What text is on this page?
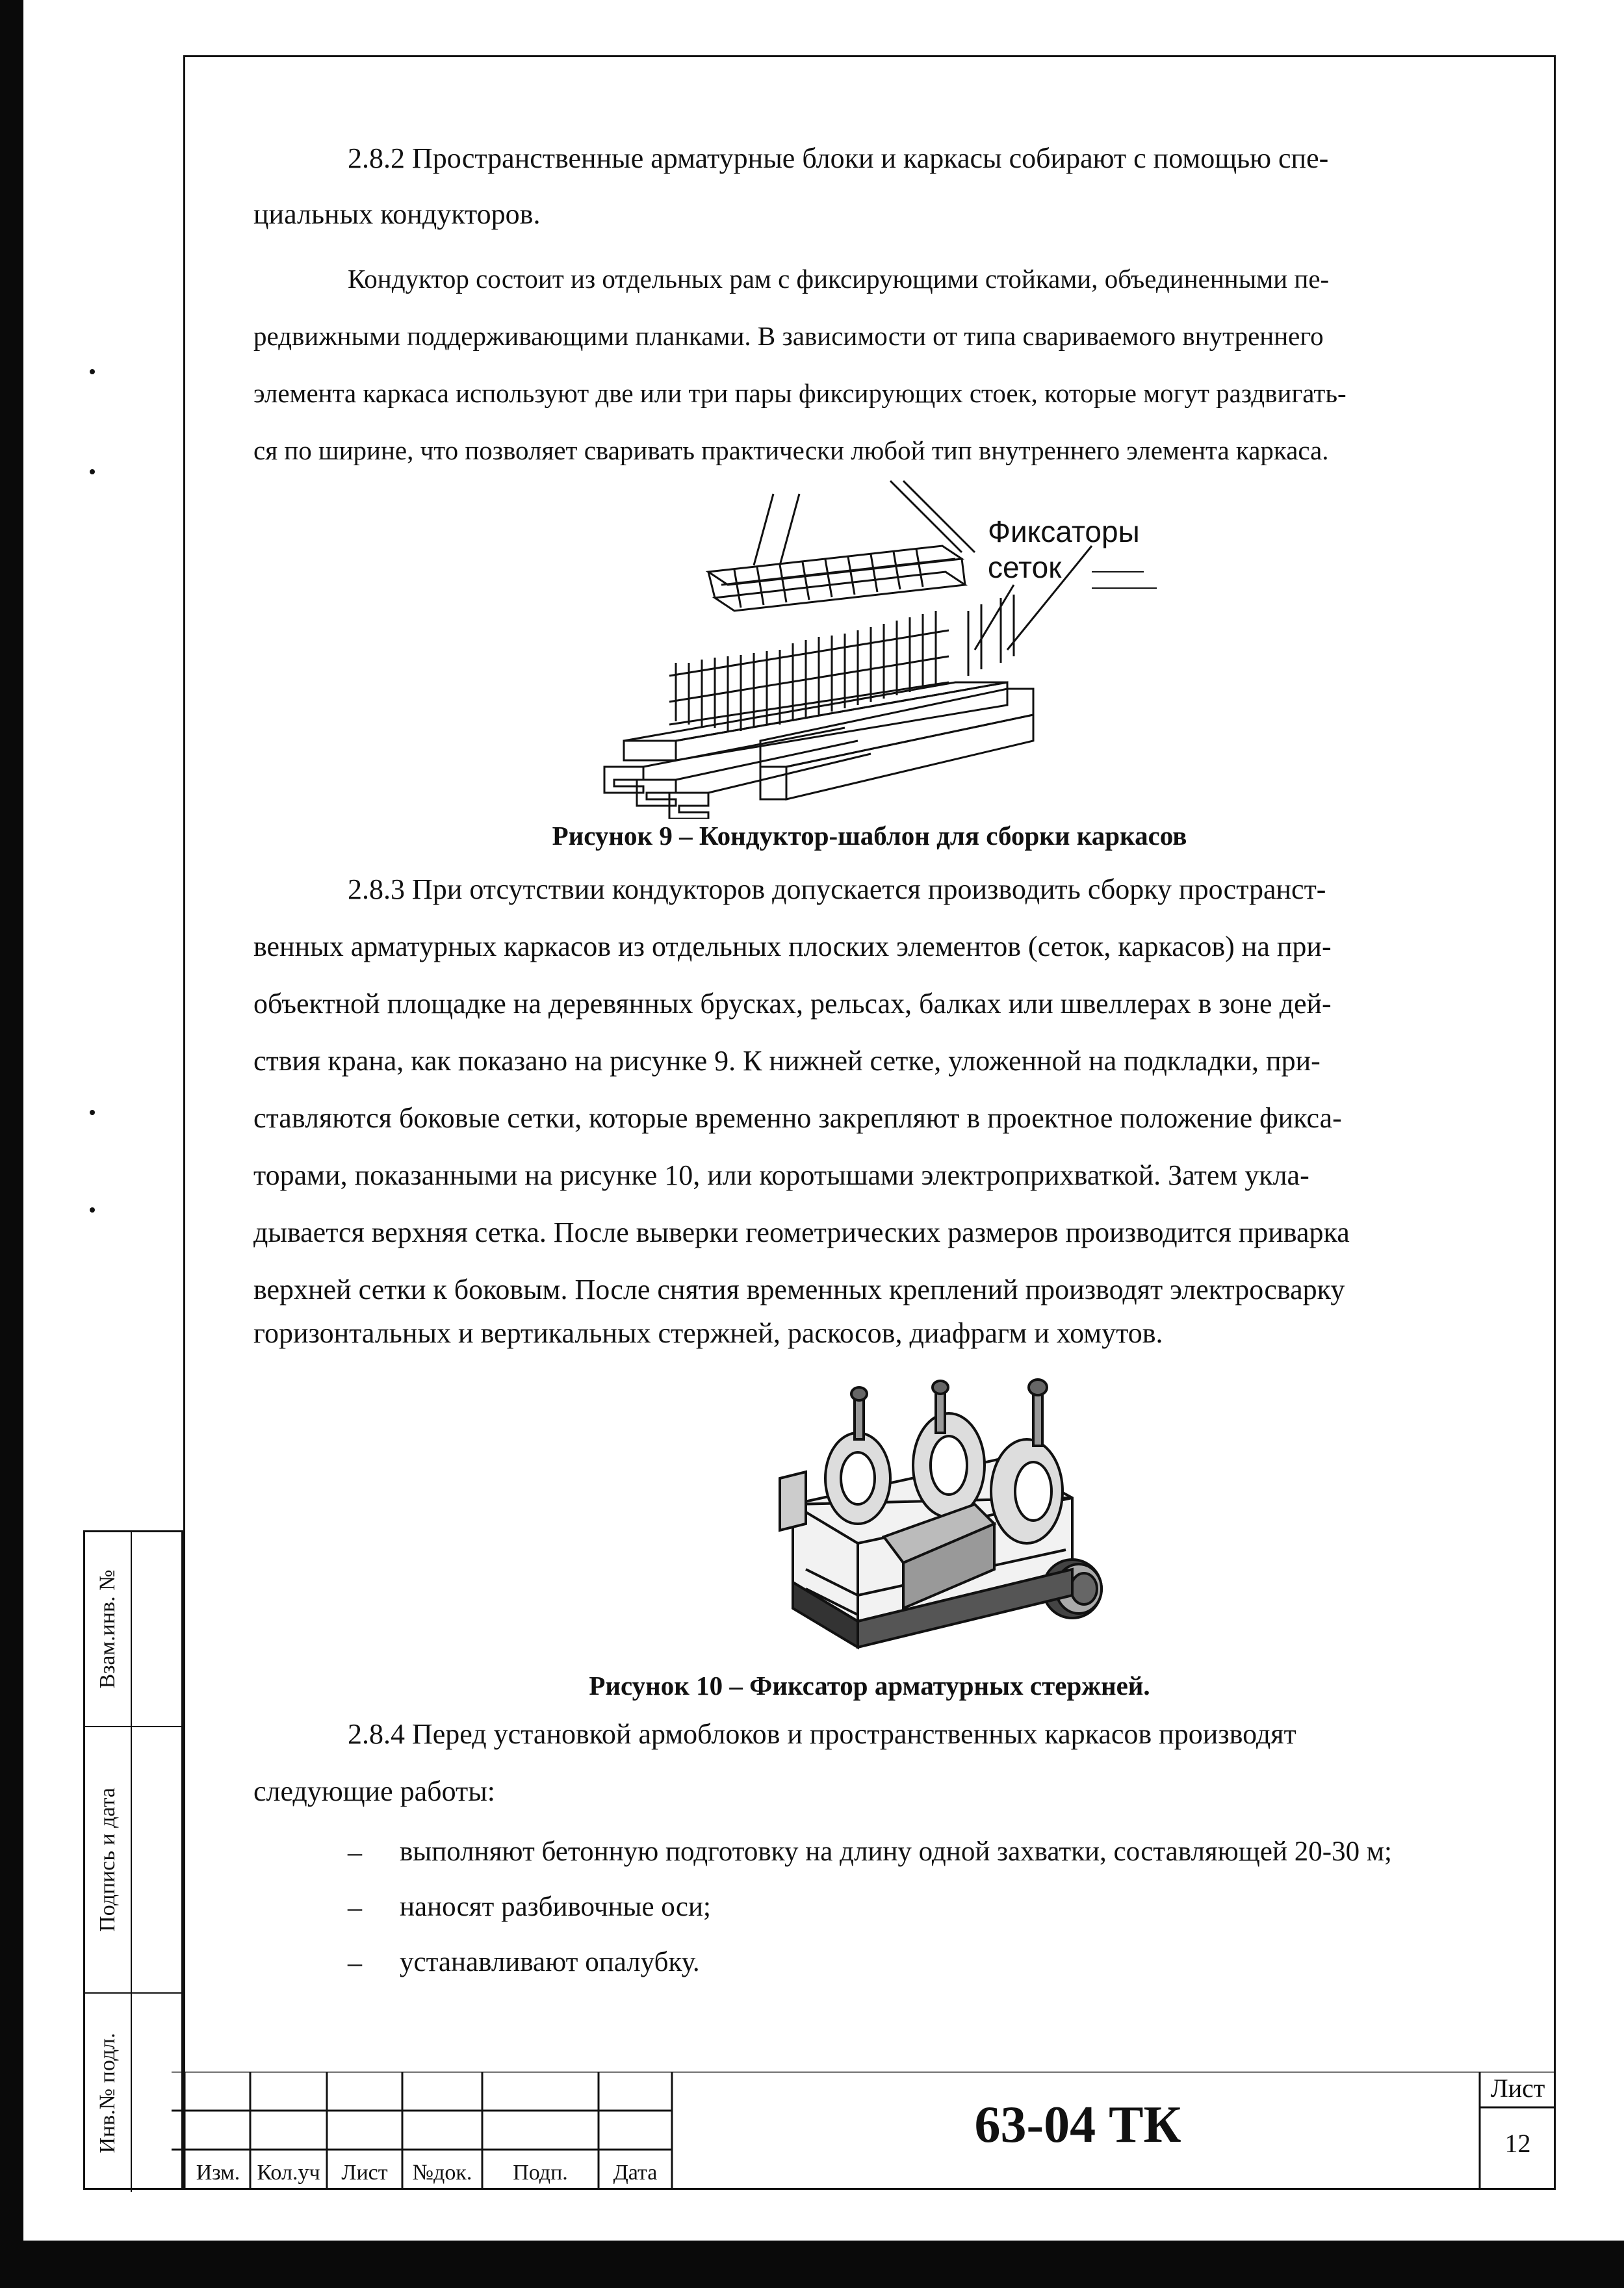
2.8.2 Пространственные арматурные блоки и каркасы собирают с помощью спе-
циальных кондукторов.
Кондуктор состоит из отдельных рам с фиксирующими стойками, объединенными пе-
редвижными поддерживающими планками. В зависимости от типа свариваемого внутреннего
элемента каркаса используют две или три пары фиксирующих стоек, которые могут раздвигать-
ся по ширине, что позволяет сваривать практически любой тип внутреннего элемента каркаса.
Фиксаторы
сеток
Рисунок 9 – Кондуктор-шаблон для сборки каркасов
2.8.3 При отсутствии кондукторов допускается производить сборку пространст-
венных арматурных каркасов из отдельных плоских элементов (сеток, каркасов) на при-
объектной площадке на деревянных брусках, рельсах, балках или швеллерах в зоне дей-
ствия крана, как показано на рисунке 9. К нижней сетке, уложенной на подкладки, при-
ставляются боковые сетки, которые временно закрепляют в проектное положение фикса-
торами, показанными на рисунке 10, или коротышами электроприхваткой. Затем укла-
дывается верхняя сетка. После выверки геометрических размеров производится приварка
верхней сетки к боковым. После снятия временных креплений производят электросварку
горизонтальных и вертикальных стержней, раскосов, диафрагм и хомутов.
Рисунок 10 – Фиксатор арматурных стержней.
2.8.4 Перед установкой армоблоков и пространственных каркасов производят
следующие работы:
– выполняют бетонную подготовку на длину одной захватки, составляющей 20-30 м;
– наносят разбивочные оси;
– устанавливают опалубку.
Взам.инв. №
Подпись и дата
Инв.№ подл.
Изм. Кол.уч Лист	№док.	Подп.	Дата
63-04 ТК
Лист
12
